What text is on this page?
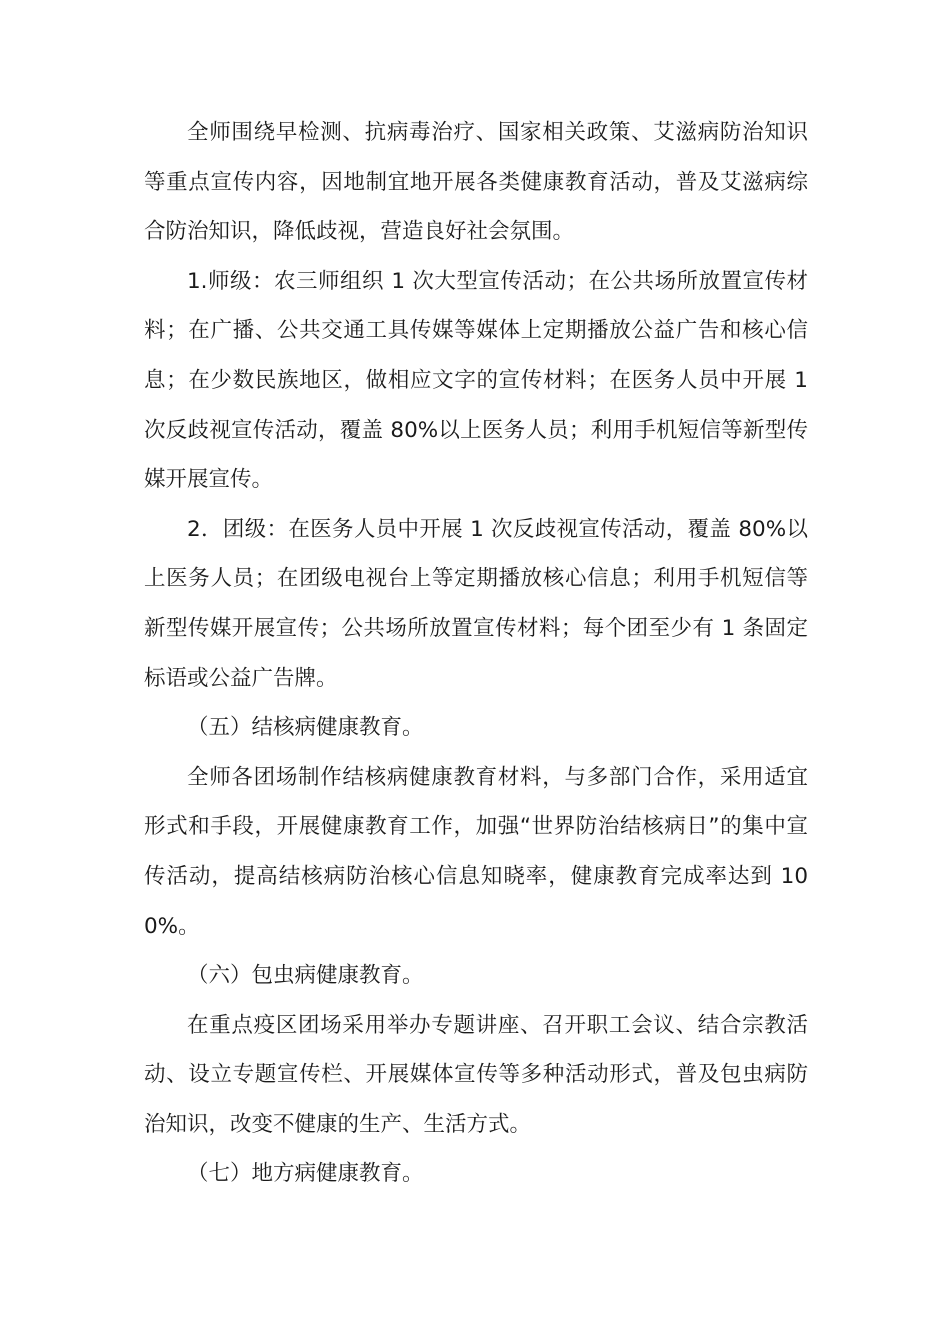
全师围绕早检测、抗病毒治疗、国家相关政策、艾滋病防治知识等重点宣传内容，因地制宜地开展各类健康教育活动，普及艾滋病综合防治知识，降低歧视，营造良好社会氛围。

1.师级：农三师组织 1 次大型宣传活动；在公共场所放置宣传材料；在广播、公共交通工具传媒等媒体上定期播放公益广告和核心信息；在少数民族地区，做相应文字的宣传材料；在医务人员中开展 1 次反歧视宣传活动，覆盖 80%以上医务人员；利用手机短信等新型传媒开展宣传。

2．团级：在医务人员中开展 1 次反歧视宣传活动，覆盖 80%以上医务人员；在团级电视台上等定期播放核心信息；利用手机短信等新型传媒开展宣传；公共场所放置宣传材料；每个团至少有 1 条固定标语或公益广告牌。

（五）结核病健康教育。

全师各团场制作结核病健康教育材料，与多部门合作，采用适宜形式和手段，开展健康教育工作，加强“世界防治结核病日”的集中宣传活动，提高结核病防治核心信息知晓率，健康教育完成率达到 100%。

（六）包虫病健康教育。

在重点疫区团场采用举办专题讲座、召开职工会议、结合宗教活动、设立专题宣传栏、开展媒体宣传等多种活动形式，普及包虫病防治知识，改变不健康的生产、生活方式。

（七）地方病健康教育。
